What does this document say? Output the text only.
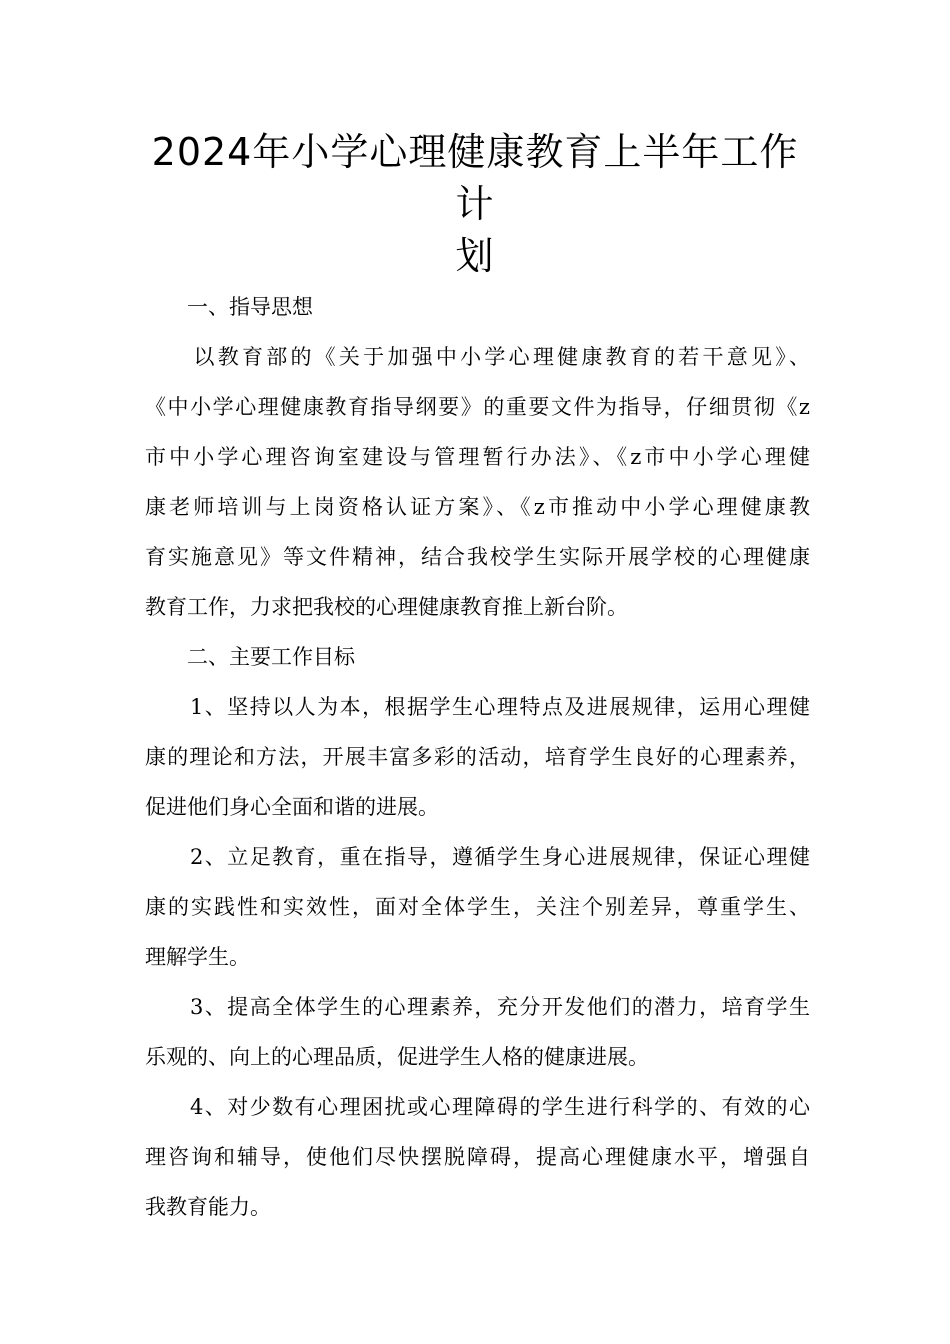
2024年小学心理健康教育上半年工作计
划
　　一、指导思想
　　以教育部的《关于加强中小学心理健康教育的若干意见》、
《中小学心理健康教育指导纲要》的重要文件为指导，仔细贯彻《z
市中小学心理咨询室建设与管理暂行办法》、《z市中小学心理健
康老师培训与上岗资格认证方案》、《z市推动中小学心理健康教
育实施意见》等文件精神，结合我校学生实际开展学校的心理健康
教育工作，力求把我校的心理健康教育推上新台阶。
　　二、主要工作目标
　　1、坚持以人为本，根据学生心理特点及进展规律，运用心理健
康的理论和方法，开展丰富多彩的活动，培育学生良好的心理素养，
促进他们身心全面和谐的进展。
　　2、立足教育，重在指导，遵循学生身心进展规律，保证心理健
康的实践性和实效性，面对全体学生，关注个别差异，尊重学生、
理解学生。
　　3、提高全体学生的心理素养，充分开发他们的潜力，培育学生
乐观的、向上的心理品质，促进学生人格的健康进展。
　　4、对少数有心理困扰或心理障碍的学生进行科学的、有效的心
理咨询和辅导，使他们尽快摆脱障碍，提高心理健康水平，增强自
我教育能力。
